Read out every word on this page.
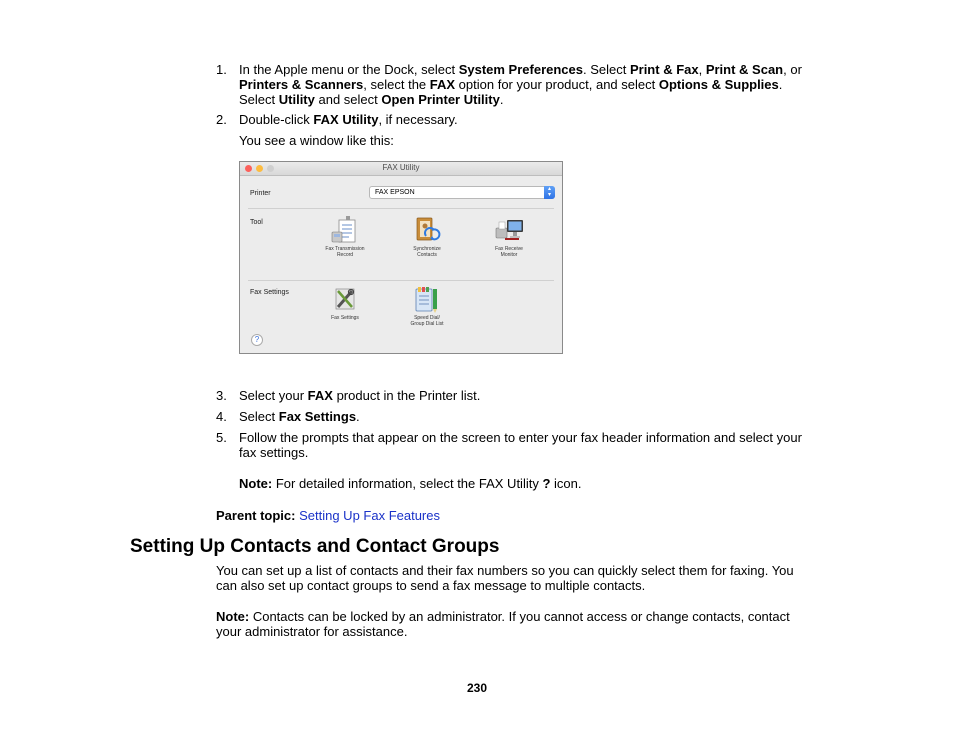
1. In the Apple menu or the Dock, select System Preferences. Select Print & Fax, Print & Scan, or Printers & Scanners, select the FAX option for your product, and select Options & Supplies. Select Utility and select Open Printer Utility.
2. Double-click FAX Utility, if necessary.
You see a window like this:
FAX Utility
Printer	FAX EPSON	▴
▾
Tool
Fax Transmission
Record
Synchronize
Contacts
Fax Receive
Monitor
Fax Settings
Fax Settings	Speed Dial/
Group Dial List
?
3. Select your FAX product in the Printer list.
4. Select Fax Settings.
5. Follow the prompts that appear on the screen to enter your fax header information and select your fax settings.
Note: For detailed information, select the FAX Utility ? icon.
Parent topic: Setting Up Fax Features
Setting Up Contacts and Contact Groups
You can set up a list of contacts and their fax numbers so you can quickly select them for faxing. You can also set up contact groups to send a fax message to multiple contacts.
Note: Contacts can be locked by an administrator. If you cannot access or change contacts, contact your administrator for assistance.
230
